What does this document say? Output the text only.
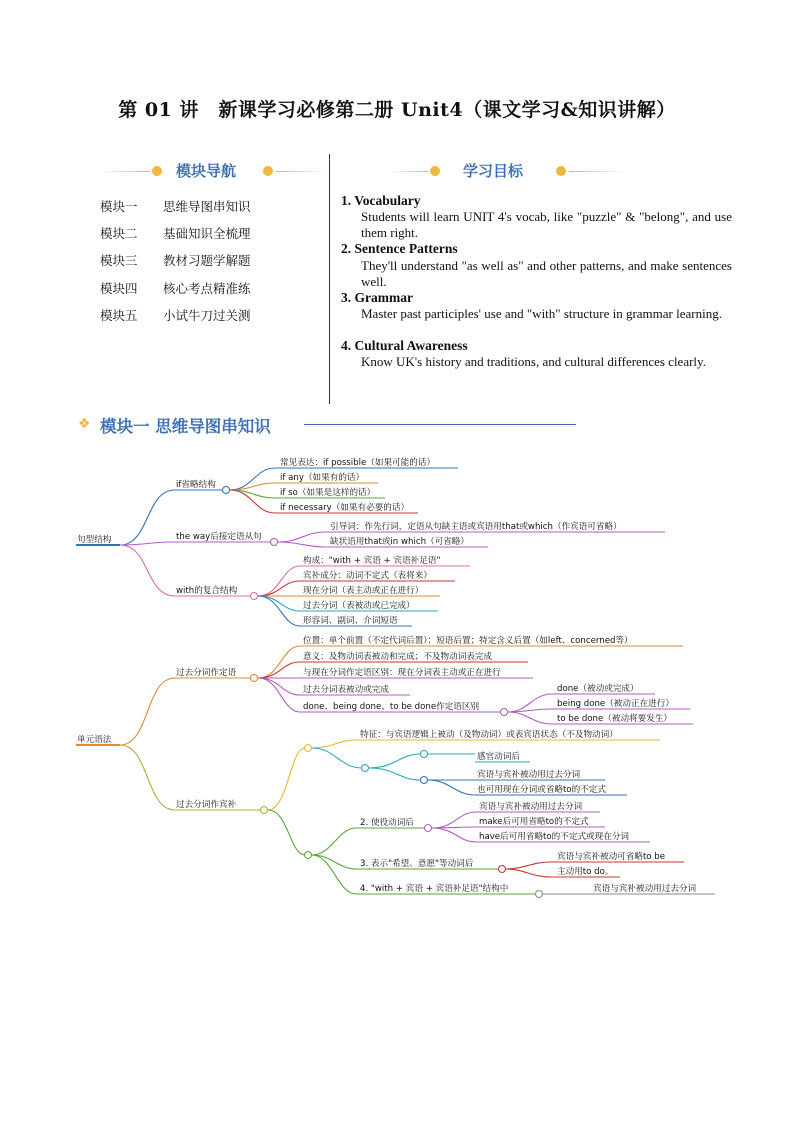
第 01 讲　新课学习必修第二册 Unit4（课文学习&知识讲解）
模块导航
模块一 思维导图串知识
模块二 基础知识全梳理
模块三 教材习题学解题
模块四 核心考点精准练
模块五 小试牛刀过关测
学习目标
1. Vocabulary
Students will learn UNIT 4's vocab, like "puzzle" & "belong", and use them right.
2. Sentence Patterns
They'll understand "as well as" and other patterns, and make sentences well.
3. Grammar
Master past participles' use and "with" structure in grammar learning.
4. Cultural Awareness
Know UK's history and traditions, and cultural differences clearly.
❖ 模块一 思维导图串知识
句型结构
if省略结构
常见表达：if possible（如果可能的话）
if any（如果有的话）
if so（如果是这样的话）
if necessary（如果有必要的话）
the way后接定语从句
引导词：作先行词，定语从句缺主语或宾语用that或which（作宾语可省略）
缺状语用that或in which（可省略）
with的复合结构
构成："with + 宾语 + 宾语补足语"
宾补成分：动词不定式（表将来）
现在分词（表主动或正在进行）
过去分词（表被动或已完成）
形容词、副词、介词短语
单元语法
过去分词作定语
位置：单个前置（不定代词后置）；短语后置；特定含义后置（如left、concerned等）
意义：及物动词表被动和完成；不及物动词表完成
与现在分词作定语区别：现在分词表主动或正在进行
过去分词表被动或完成
done、being done、to be done作定语区别
done（被动或完成）
being done（被动正在进行）
to be done（被动将要发生）
过去分词作宾补
特征：与宾语逻辑上被动（及物动词）或表宾语状态（不及物动词）
感官动词后
宾语与宾补被动用过去分词
也可用现在分词或省略to的不定式
2. 使役动词后
宾语与宾补被动用过去分词
make后可用省略to的不定式
have后可用省略to的不定式或现在分词
3. 表示"希望、意愿"等动词后
宾语与宾补被动可省略to be
主动用to do。
4. "with + 宾语 + 宾语补足语"结构中	宾语与宾补被动用过去分词
